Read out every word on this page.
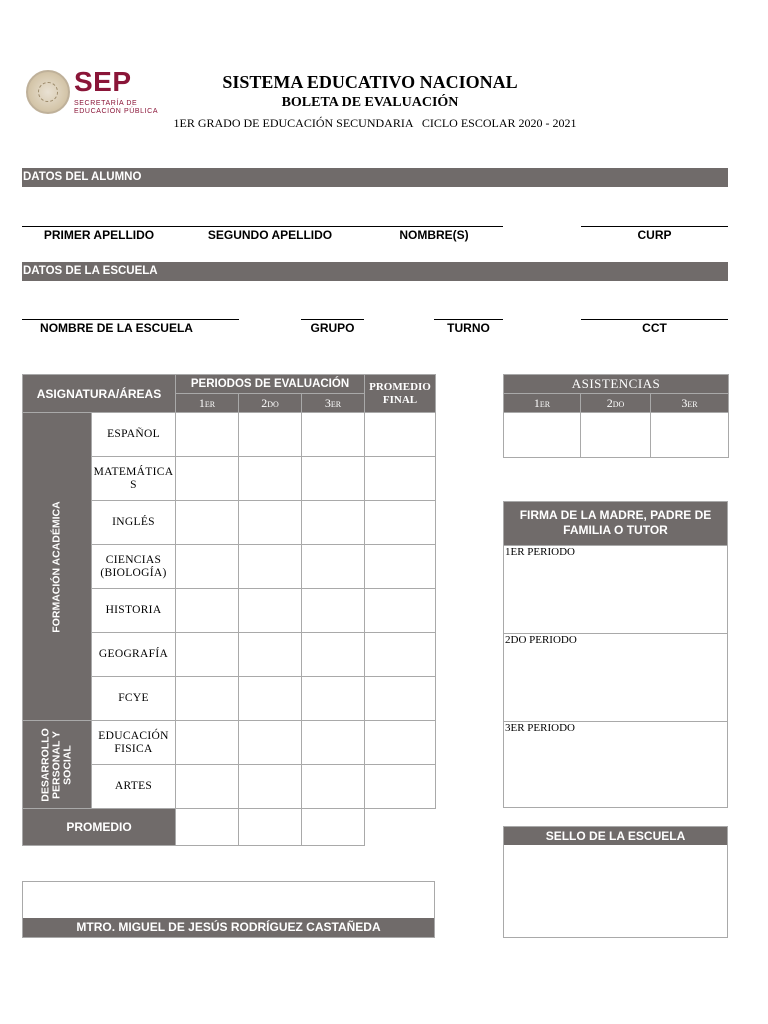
SEP
SECRETARÍA DE
EDUCACIÓN PÚBLICA
SISTEMA EDUCATIVO NACIONAL
BOLETA DE EVALUACIÓN
1ER GRADO DE EDUCACIÓN SECUNDARIA   CICLO ESCOLAR 2020 - 2021
DATOS DEL ALUMNO
PRIMER APELLIDO	SEGUNDO APELLIDO	NOMBRE(S)	CURP
DATOS DE LA ESCUELA
NOMBRE DE LA ESCUELA	GRUPO	TURNO	CCT
ASIGNATURA/ÁREAS		PERIODOS DE EVALUACIÓN			PROMEDIO FINAL
		1ER	2DO	3ER	

FORMACIÓN ACADÉMICA	ESPAÑOL				
	MATEMÁTICA
S				
	INGLÉS				
	CIENCIAS
(BIOLOGÍA)				
	HISTORIA				
	GEOGRAFÍA				
	FCYE				

DESARROLLO
PERSONAL Y
SOCIAL	EDUCACIÓN
FISICA				
	ARTES				
PROMEDIO					
ASISTENCIAS		
1ER	2DO	3ER

FIRMA DE LA MADRE, PADRE DE
FAMILIA O TUTOR
1ER PERIODO
2DO PERIODO
3ER PERIODO
SELLO DE LA ESCUELA
MTRO. MIGUEL DE JESÚS RODRÍGUEZ CASTAÑEDA
